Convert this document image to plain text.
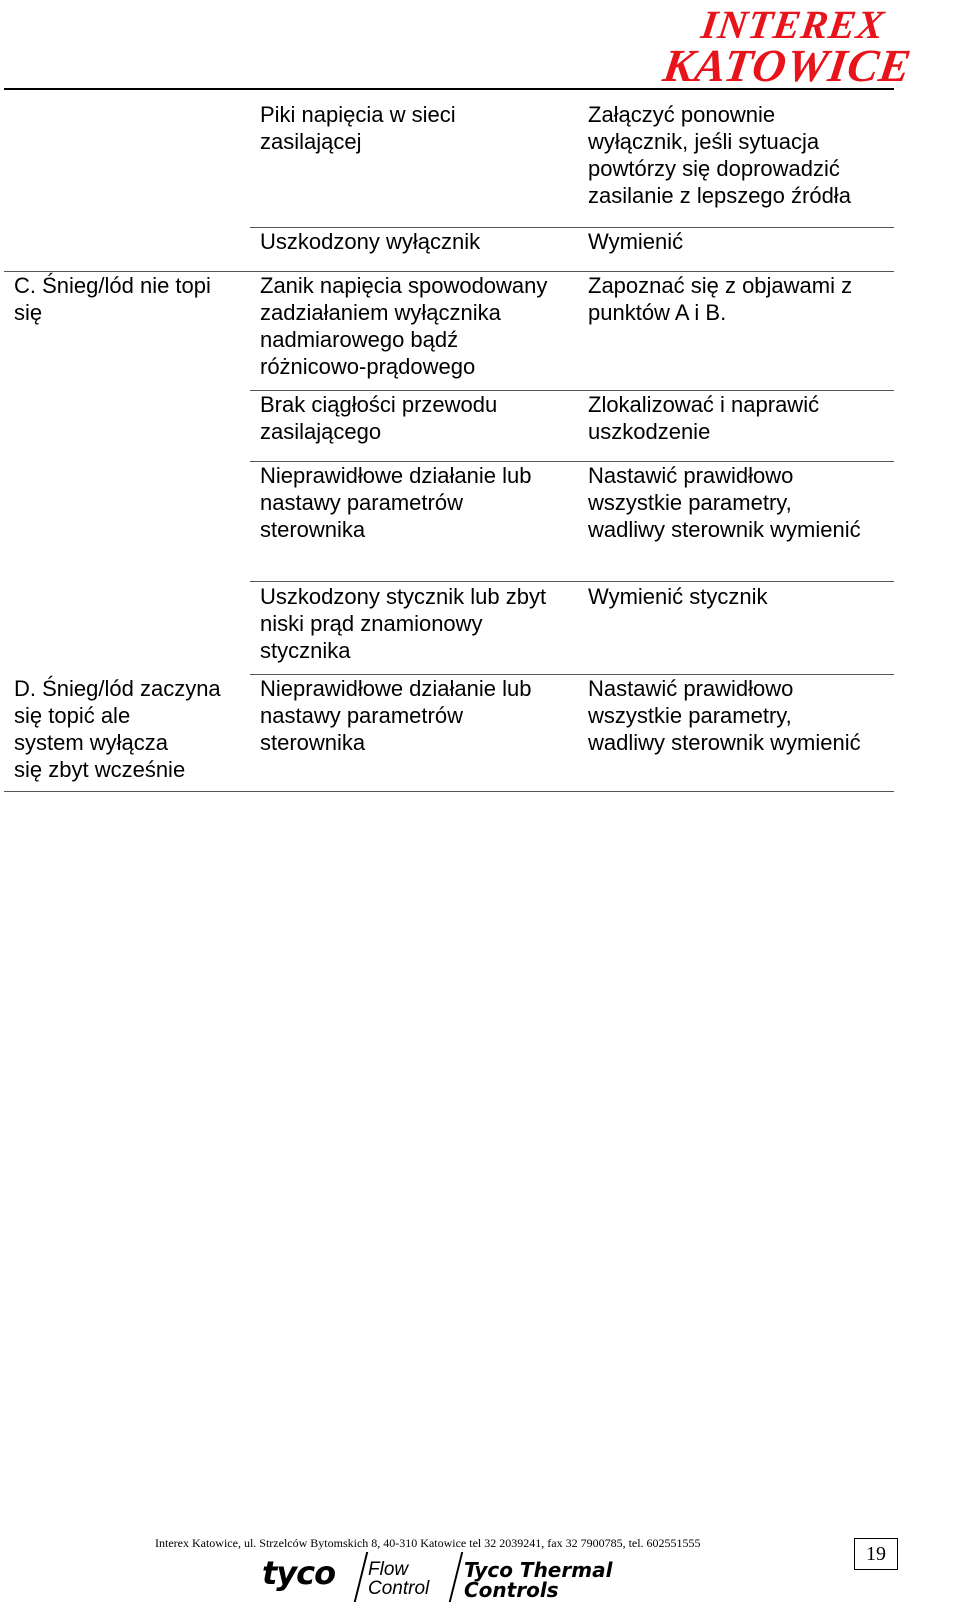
INTEREX
KATOWICE
Piki napięcia w sieci
zasilającej
Załączyć ponownie
wyłącznik, jeśli sytuacja
powtórzy się doprowadzić
zasilanie z lepszego źródła
Uszkodzony wyłącznik	Wymienić
C. Śnieg/lód nie topi
się
Zanik napięcia spowodowany
zadziałaniem wyłącznika
nadmiarowego bądź
różnicowo-prądowego
Zapoznać się z objawami z
punktów A i B.
Brak ciągłości przewodu
zasilającego
Zlokalizować i naprawić
uszkodzenie
Nieprawidłowe działanie lub
nastawy parametrów
sterownika
Nastawić prawidłowo
wszystkie parametry,
wadliwy sterownik wymienić
Uszkodzony stycznik lub zbyt
niski prąd znamionowy
stycznika
Wymienić stycznik
D. Śnieg/lód zaczyna
się topić ale
system wyłącza
się zbyt wcześnie
Nieprawidłowe działanie lub
nastawy parametrów
sterownika
Nastawić prawidłowo
wszystkie parametry,
wadliwy sterownik wymienić
Interex Katowice, ul. Strzelców Bytomskich 8, 40-310 Katowice tel 32 2039241, fax 32 7900785, tel. 602551555	19
tyco Flow
Control
Tyco Thermal
Controls
